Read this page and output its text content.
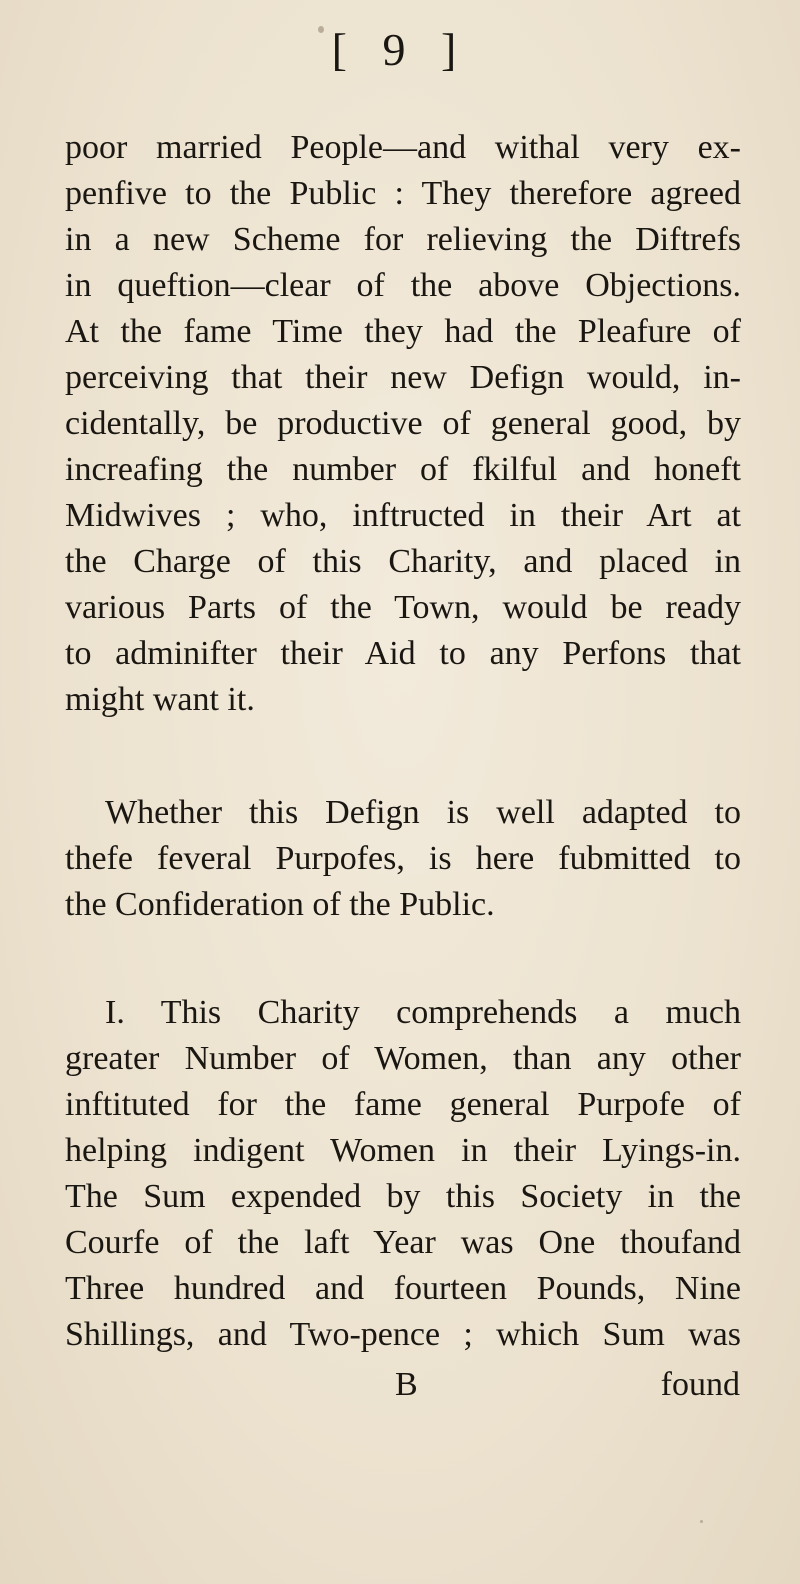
[ 9 ]
poor married People—and withal very ex-
penfive to the Public : They therefore agreed
in a new Scheme for relieving the Diftrefs
in queftion—clear of the above Objections.
At the fame Time they had the Pleafure of
perceiving that their new Defign would, in-
cidentally, be productive of general good, by
increafing the number of fkilful and honeft
Midwives ; who, inftructed in their Art at
the Charge of this Charity, and placed in
various Parts of the Town, would be ready
to adminifter their Aid to any Perfons that
might want it.
Whether this Defign is well adapted to
thefe feveral Purpofes, is here fubmitted to
the Confideration of the Public.
I. This Charity comprehends a much
greater Number of Women, than any other
inftituted for the fame general Purpofe of
helping indigent Women in their Lyings-in.
The Sum expended by this Society in the
Courfe of the laft Year was One thoufand
Three hundred and fourteen Pounds, Nine
Shillings, and Two-pence ; which Sum was
B	found
